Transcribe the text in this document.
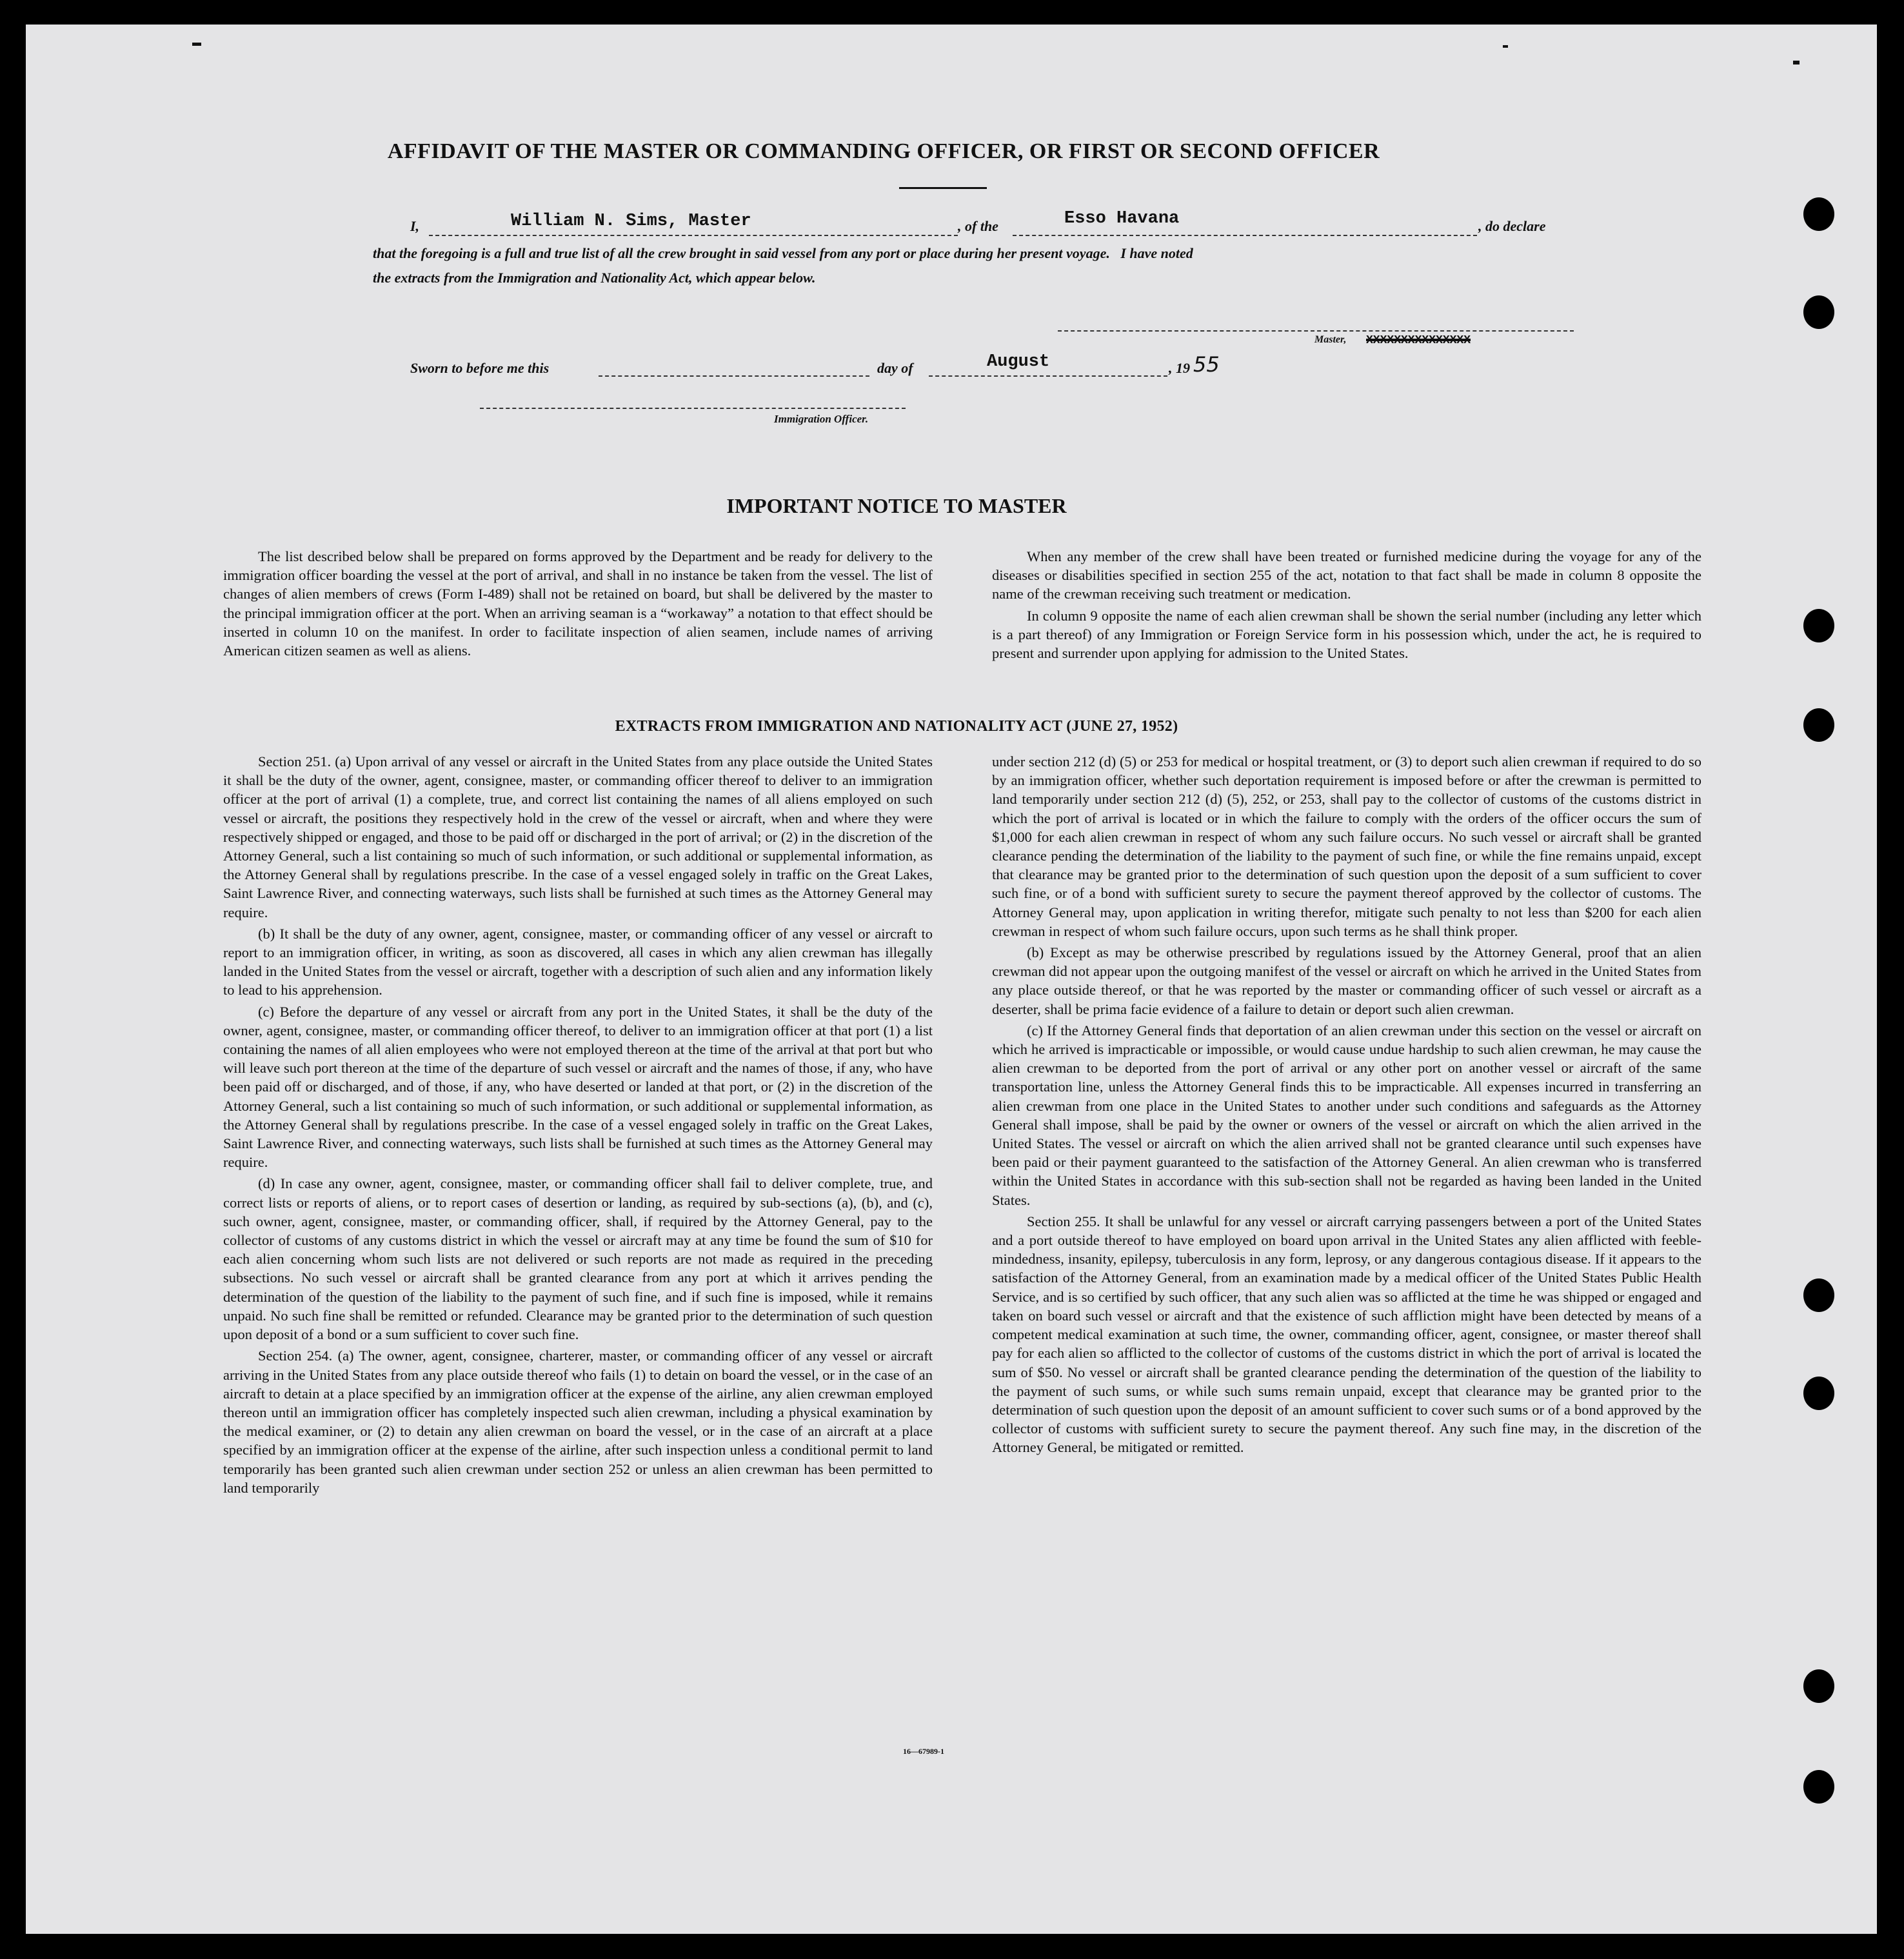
AFFIDAVIT OF THE MASTER OR COMMANDING OFFICER, OR FIRST OR SECOND OFFICER
I,	William N. Sims, Master	, of the	Esso Havana	, do declare
that the foregoing is a full and true list of all the crew brought in said vessel from any port or place during her present voyage.   I have noted
the extracts from the Immigration and Nationality Act, which appear below.
Master, XXXXXXXXXXXXXXX
Sworn to before me this	day of	August	, 19 55
Immigration Officer.
IMPORTANT NOTICE TO MASTER

The list described below shall be prepared on forms approved by the Department and be ready for delivery to the immigration officer boarding the vessel at the port of arrival, and shall in no instance be taken from the vessel. The list of changes of alien members of crews (Form I-489) shall not be retained on board, but shall be delivered by the master to the principal immigration officer at the port. When an arriving seaman is a “workaway” a notation to that effect should be inserted in column 10 on the manifest. In order to facilitate inspection of alien seamen, include names of arriving American citizen seamen as well as aliens.

When any member of the crew shall have been treated or furnished medicine during the voyage for any of the diseases or disabilities specified in section 255 of the act, notation to that fact shall be made in column 8 opposite the name of the crewman receiving such treatment or medication.

In column 9 opposite the name of each alien crewman shall be shown the serial number (including any letter which is a part thereof) of any Immigration or Foreign Service form in his possession which, under the act, he is required to present and surrender upon applying for admission to the United States.

EXTRACTS FROM IMMIGRATION AND NATIONALITY ACT (JUNE 27, 1952)

Section 251. (a) Upon arrival of any vessel or aircraft in the United States from any place outside the United States it shall be the duty of the owner, agent, consignee, master, or commanding officer thereof to deliver to an immigration officer at the port of arrival (1) a complete, true, and correct list containing the names of all aliens employed on such vessel or aircraft, the positions they respectively hold in the crew of the vessel or aircraft, when and where they were respectively shipped or engaged, and those to be paid off or discharged in the port of arrival; or (2) in the discretion of the Attorney General, such a list containing so much of such information, or such additional or supplemental information, as the Attorney General shall by regulations prescribe. In the case of a vessel engaged solely in traffic on the Great Lakes, Saint Lawrence River, and connecting waterways, such lists shall be furnished at such times as the Attorney General may require.

(b) It shall be the duty of any owner, agent, consignee, master, or commanding officer of any vessel or aircraft to report to an immigration officer, in writing, as soon as discovered, all cases in which any alien crewman has illegally landed in the United States from the vessel or aircraft, together with a description of such alien and any information likely to lead to his apprehension.

(c) Before the departure of any vessel or aircraft from any port in the United States, it shall be the duty of the owner, agent, consignee, master, or commanding officer thereof, to deliver to an immigration officer at that port (1) a list containing the names of all alien employees who were not employed thereon at the time of the arrival at that port but who will leave such port thereon at the time of the departure of such vessel or aircraft and the names of those, if any, who have been paid off or discharged, and of those, if any, who have deserted or landed at that port, or (2) in the discretion of the Attorney General, such a list containing so much of such information, or such additional or supplemental information, as the Attorney General shall by regulations prescribe. In the case of a vessel engaged solely in traffic on the Great Lakes, Saint Lawrence River, and connecting waterways, such lists shall be furnished at such times as the Attorney General may require.

(d) In case any owner, agent, consignee, master, or commanding officer shall fail to deliver complete, true, and correct lists or reports of aliens, or to report cases of desertion or landing, as required by sub-sections (a), (b), and (c), such owner, agent, consignee, master, or commanding officer, shall, if required by the Attorney General, pay to the collector of customs of any customs district in which the vessel or aircraft may at any time be found the sum of $10 for each alien concerning whom such lists are not delivered or such reports are not made as required in the preceding subsections. No such vessel or aircraft shall be granted clearance from any port at which it arrives pending the determination of the question of the liability to the payment of such fine, and if such fine is imposed, while it remains unpaid. No such fine shall be remitted or refunded. Clearance may be granted prior to the determination of such question upon deposit of a bond or a sum sufficient to cover such fine.

Section 254. (a) The owner, agent, consignee, charterer, master, or commanding officer of any vessel or aircraft arriving in the United States from any place outside thereof who fails (1) to detain on board the vessel, or in the case of an aircraft to detain at a place specified by an immigration officer at the expense of the airline, any alien crewman employed thereon until an immigration officer has completely inspected such alien crewman, including a physical examination by the medical examiner, or (2) to detain any alien crewman on board the vessel, or in the case of an aircraft at a place specified by an immigration officer at the expense of the airline, after such inspection unless a conditional permit to land temporarily has been granted such alien crewman under section 252 or unless an alien crewman has been permitted to land temporarily

under section 212 (d) (5) or 253 for medical or hospital treatment, or (3) to deport such alien crewman if required to do so by an immigration officer, whether such deportation requirement is imposed before or after the crewman is permitted to land temporarily under section 212 (d) (5), 252, or 253, shall pay to the collector of customs of the customs district in which the port of arrival is located or in which the failure to comply with the orders of the officer occurs the sum of $1,000 for each alien crewman in respect of whom any such failure occurs. No such vessel or aircraft shall be granted clearance pending the determination of the liability to the payment of such fine, or while the fine remains unpaid, except that clearance may be granted prior to the determination of such question upon the deposit of a sum sufficient to cover such fine, or of a bond with sufficient surety to secure the payment thereof approved by the collector of customs. The Attorney General may, upon application in writing therefor, mitigate such penalty to not less than $200 for each alien crewman in respect of whom such failure occurs, upon such terms as he shall think proper.

(b) Except as may be otherwise prescribed by regulations issued by the Attorney General, proof that an alien crewman did not appear upon the outgoing manifest of the vessel or aircraft on which he arrived in the United States from any place outside thereof, or that he was reported by the master or commanding officer of such vessel or aircraft as a deserter, shall be prima facie evidence of a failure to detain or deport such alien crewman.

(c) If the Attorney General finds that deportation of an alien crewman under this section on the vessel or aircraft on which he arrived is impracticable or impossible, or would cause undue hardship to such alien crewman, he may cause the alien crewman to be deported from the port of arrival or any other port on another vessel or aircraft of the same transportation line, unless the Attorney General finds this to be impracticable. All expenses incurred in transferring an alien crewman from one place in the United States to another under such conditions and safeguards as the Attorney General shall impose, shall be paid by the owner or owners of the vessel or aircraft on which the alien arrived in the United States. The vessel or aircraft on which the alien arrived shall not be granted clearance until such expenses have been paid or their payment guaranteed to the satisfaction of the Attorney General. An alien crewman who is transferred within the United States in accordance with this sub-section shall not be regarded as having been landed in the United States.

Section 255. It shall be unlawful for any vessel or aircraft carrying passengers between a port of the United States and a port outside thereof to have employed on board upon arrival in the United States any alien afflicted with feeble-mindedness, insanity, epilepsy, tuberculosis in any form, leprosy, or any dangerous contagious disease. If it appears to the satisfaction of the Attorney General, from an examination made by a medical officer of the United States Public Health Service, and is so certified by such officer, that any such alien was so afflicted at the time he was shipped or engaged and taken on board such vessel or aircraft and that the existence of such affliction might have been detected by means of a competent medical examination at such time, the owner, commanding officer, agent, consignee, or master thereof shall pay for each alien so afflicted to the collector of customs of the customs district in which the port of arrival is located the sum of $50. No vessel or aircraft shall be granted clearance pending the determination of the question of the liability to the payment of such sums, or while such sums remain unpaid, except that clearance may be granted prior to the determination of such question upon the deposit of an amount sufficient to cover such sums or of a bond approved by the collector of customs with sufficient surety to secure the payment thereof. Any such fine may, in the discretion of the Attorney General, be mitigated or remitted.

16—67989-1
